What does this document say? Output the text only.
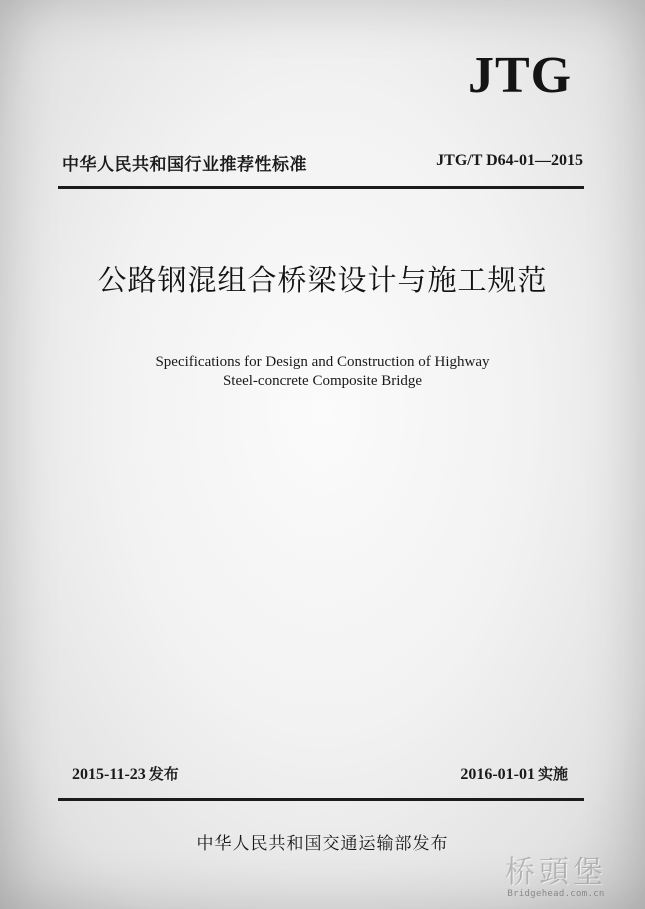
JTG
中华人民共和国行业推荐性标准	JTG/T D64-01—2015
公路钢混组合桥梁设计与施工规范
Specifications for Design and Construction of Highway
Steel-concrete Composite Bridge
2015-11-23 发布	2016-01-01 实施
中华人民共和国交通运输部发布
桥頭堡
Bridgehead.com.cn
